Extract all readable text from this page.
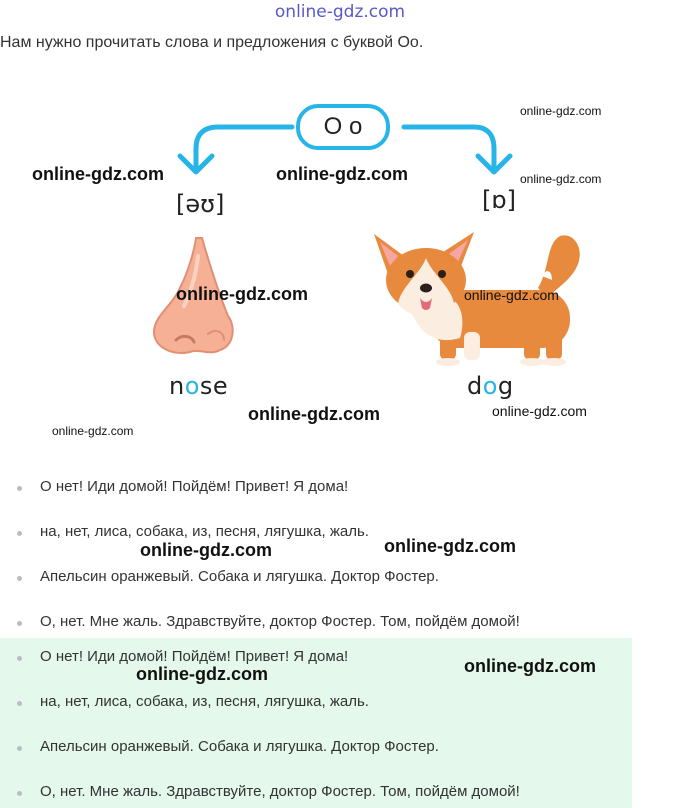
online-gdz.com
Нам нужно прочитать слова и предложения с буквой Оо.
О о
[əʊ]	[ɒ]
nose	dog
online-gdz.com	online-gdz.com
online-gdz.com
online-gdz.com
online-gdz.com	online-gdz.com
online-gdz.com	online-gdz.com
online-gdz.com
О нет! Иди домой! Пойдём! Привет! Я дома!
на, нет, лиса, собака, из, песня, лягушка, жаль.
Апельсин оранжевый. Собака и лягушка. Доктор Фостер.
О, нет. Мне жаль. Здравствуйте, доктор Фостер. Том, пойдём домой!
О нет! Иди домой! Пойдём! Привет! Я дома!
на, нет, лиса, собака, из, песня, лягушка, жаль.
Апельсин оранжевый. Собака и лягушка. Доктор Фостер.
О, нет. Мне жаль. Здравствуйте, доктор Фостер. Том, пойдём домой!
online-gdz.com	online-gdz.com
online-gdz.com	online-gdz.com
